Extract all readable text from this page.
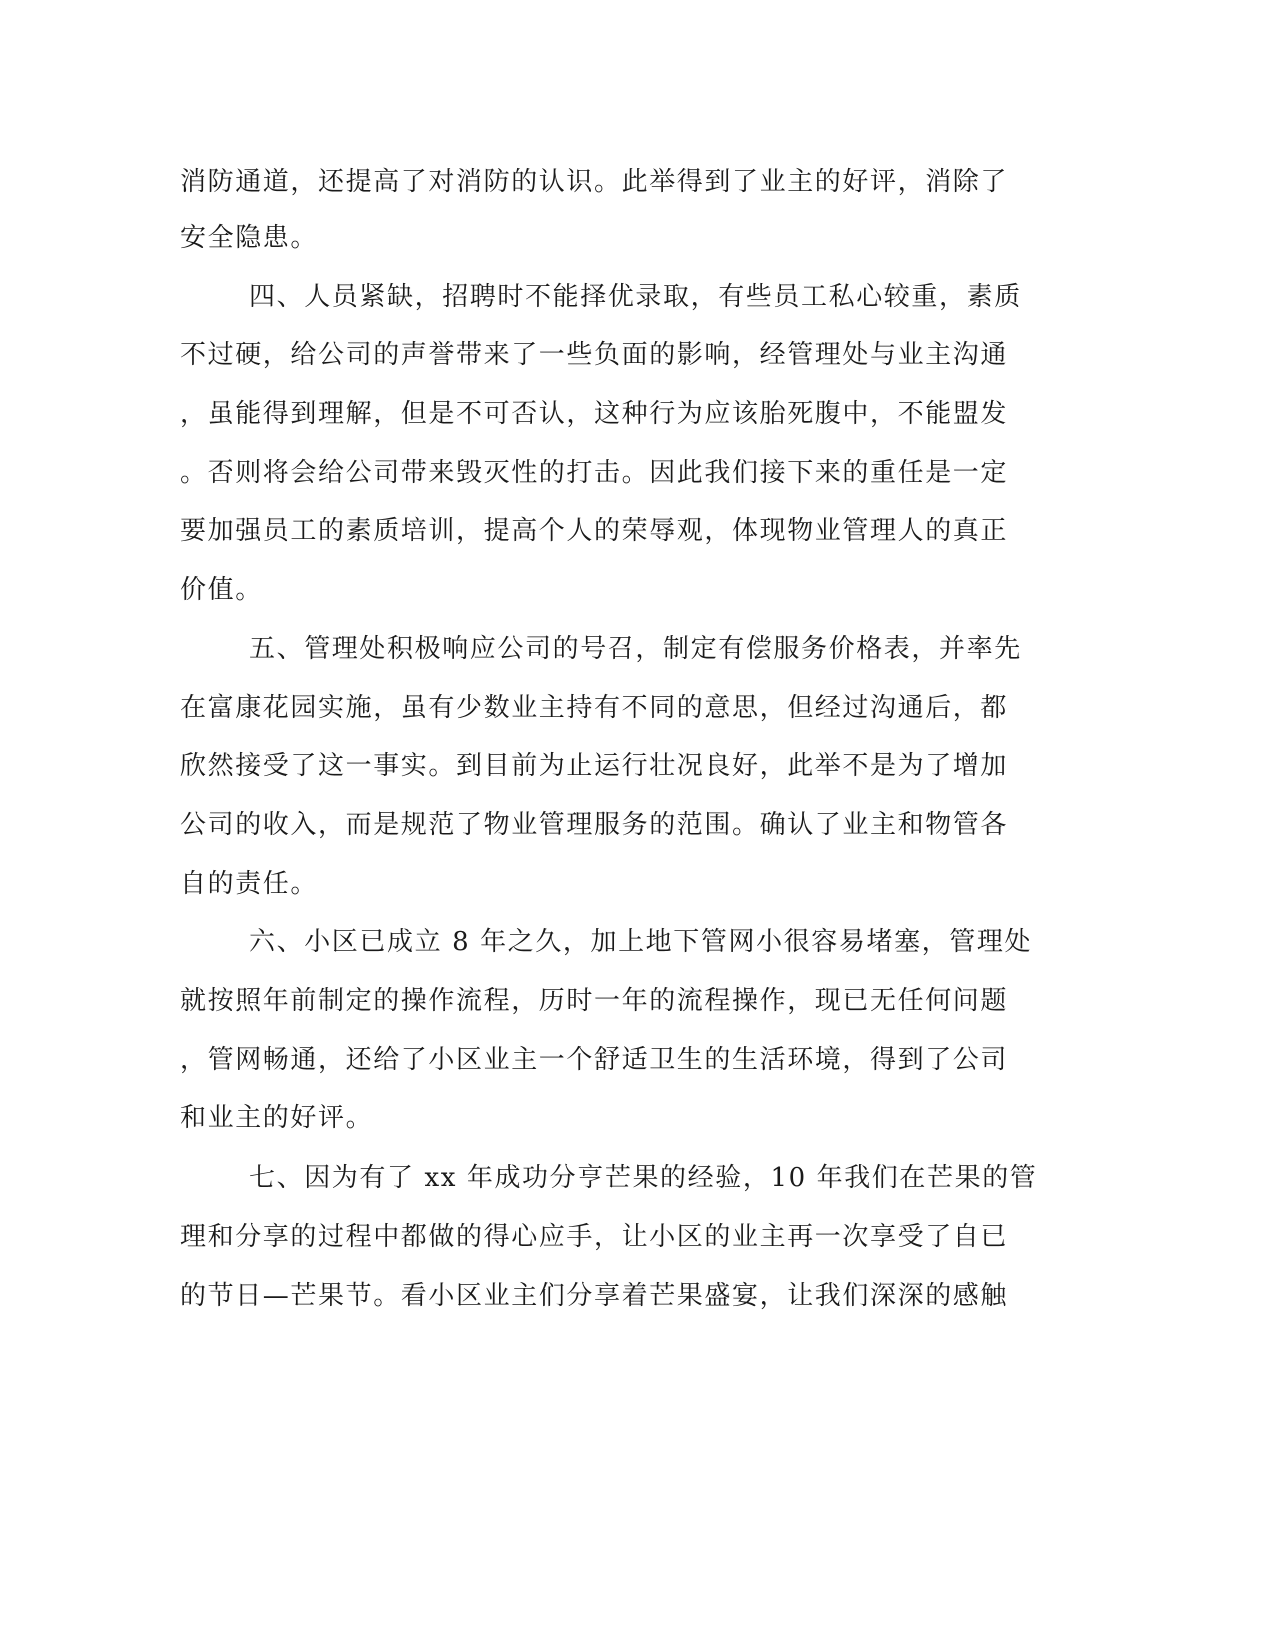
消防通道，还提高了对消防的认识。此举得到了业主的好评，消除了
安全隐患。
四、人员紧缺，招聘时不能择优录取，有些员工私心较重，素质
不过硬，给公司的声誉带来了一些负面的影响，经管理处与业主沟通
，虽能得到理解，但是不可否认，这种行为应该胎死腹中，不能盟发
。否则将会给公司带来毁灭性的打击。因此我们接下来的重任是一定
要加强员工的素质培训，提高个人的荣辱观，体现物业管理人的真正
价值。
五、管理处积极响应公司的号召，制定有偿服务价格表，并率先
在富康花园实施，虽有少数业主持有不同的意思，但经过沟通后，都
欣然接受了这一事实。到目前为止运行壮况良好，此举不是为了增加
公司的收入，而是规范了物业管理服务的范围。确认了业主和物管各
自的责任。
六、小区已成立 8 年之久，加上地下管网小很容易堵塞，管理处
就按照年前制定的操作流程，历时一年的流程操作，现已无任何问题
，管网畅通，还给了小区业主一个舒适卫生的生活环境，得到了公司
和业主的好评。
七、因为有了 xx 年成功分亨芒果的经验，10 年我们在芒果的管
理和分享的过程中都做的得心应手，让小区的业主再一次享受了自已
的节日—芒果节。看小区业主们分享着芒果盛宴，让我们深深的感触
